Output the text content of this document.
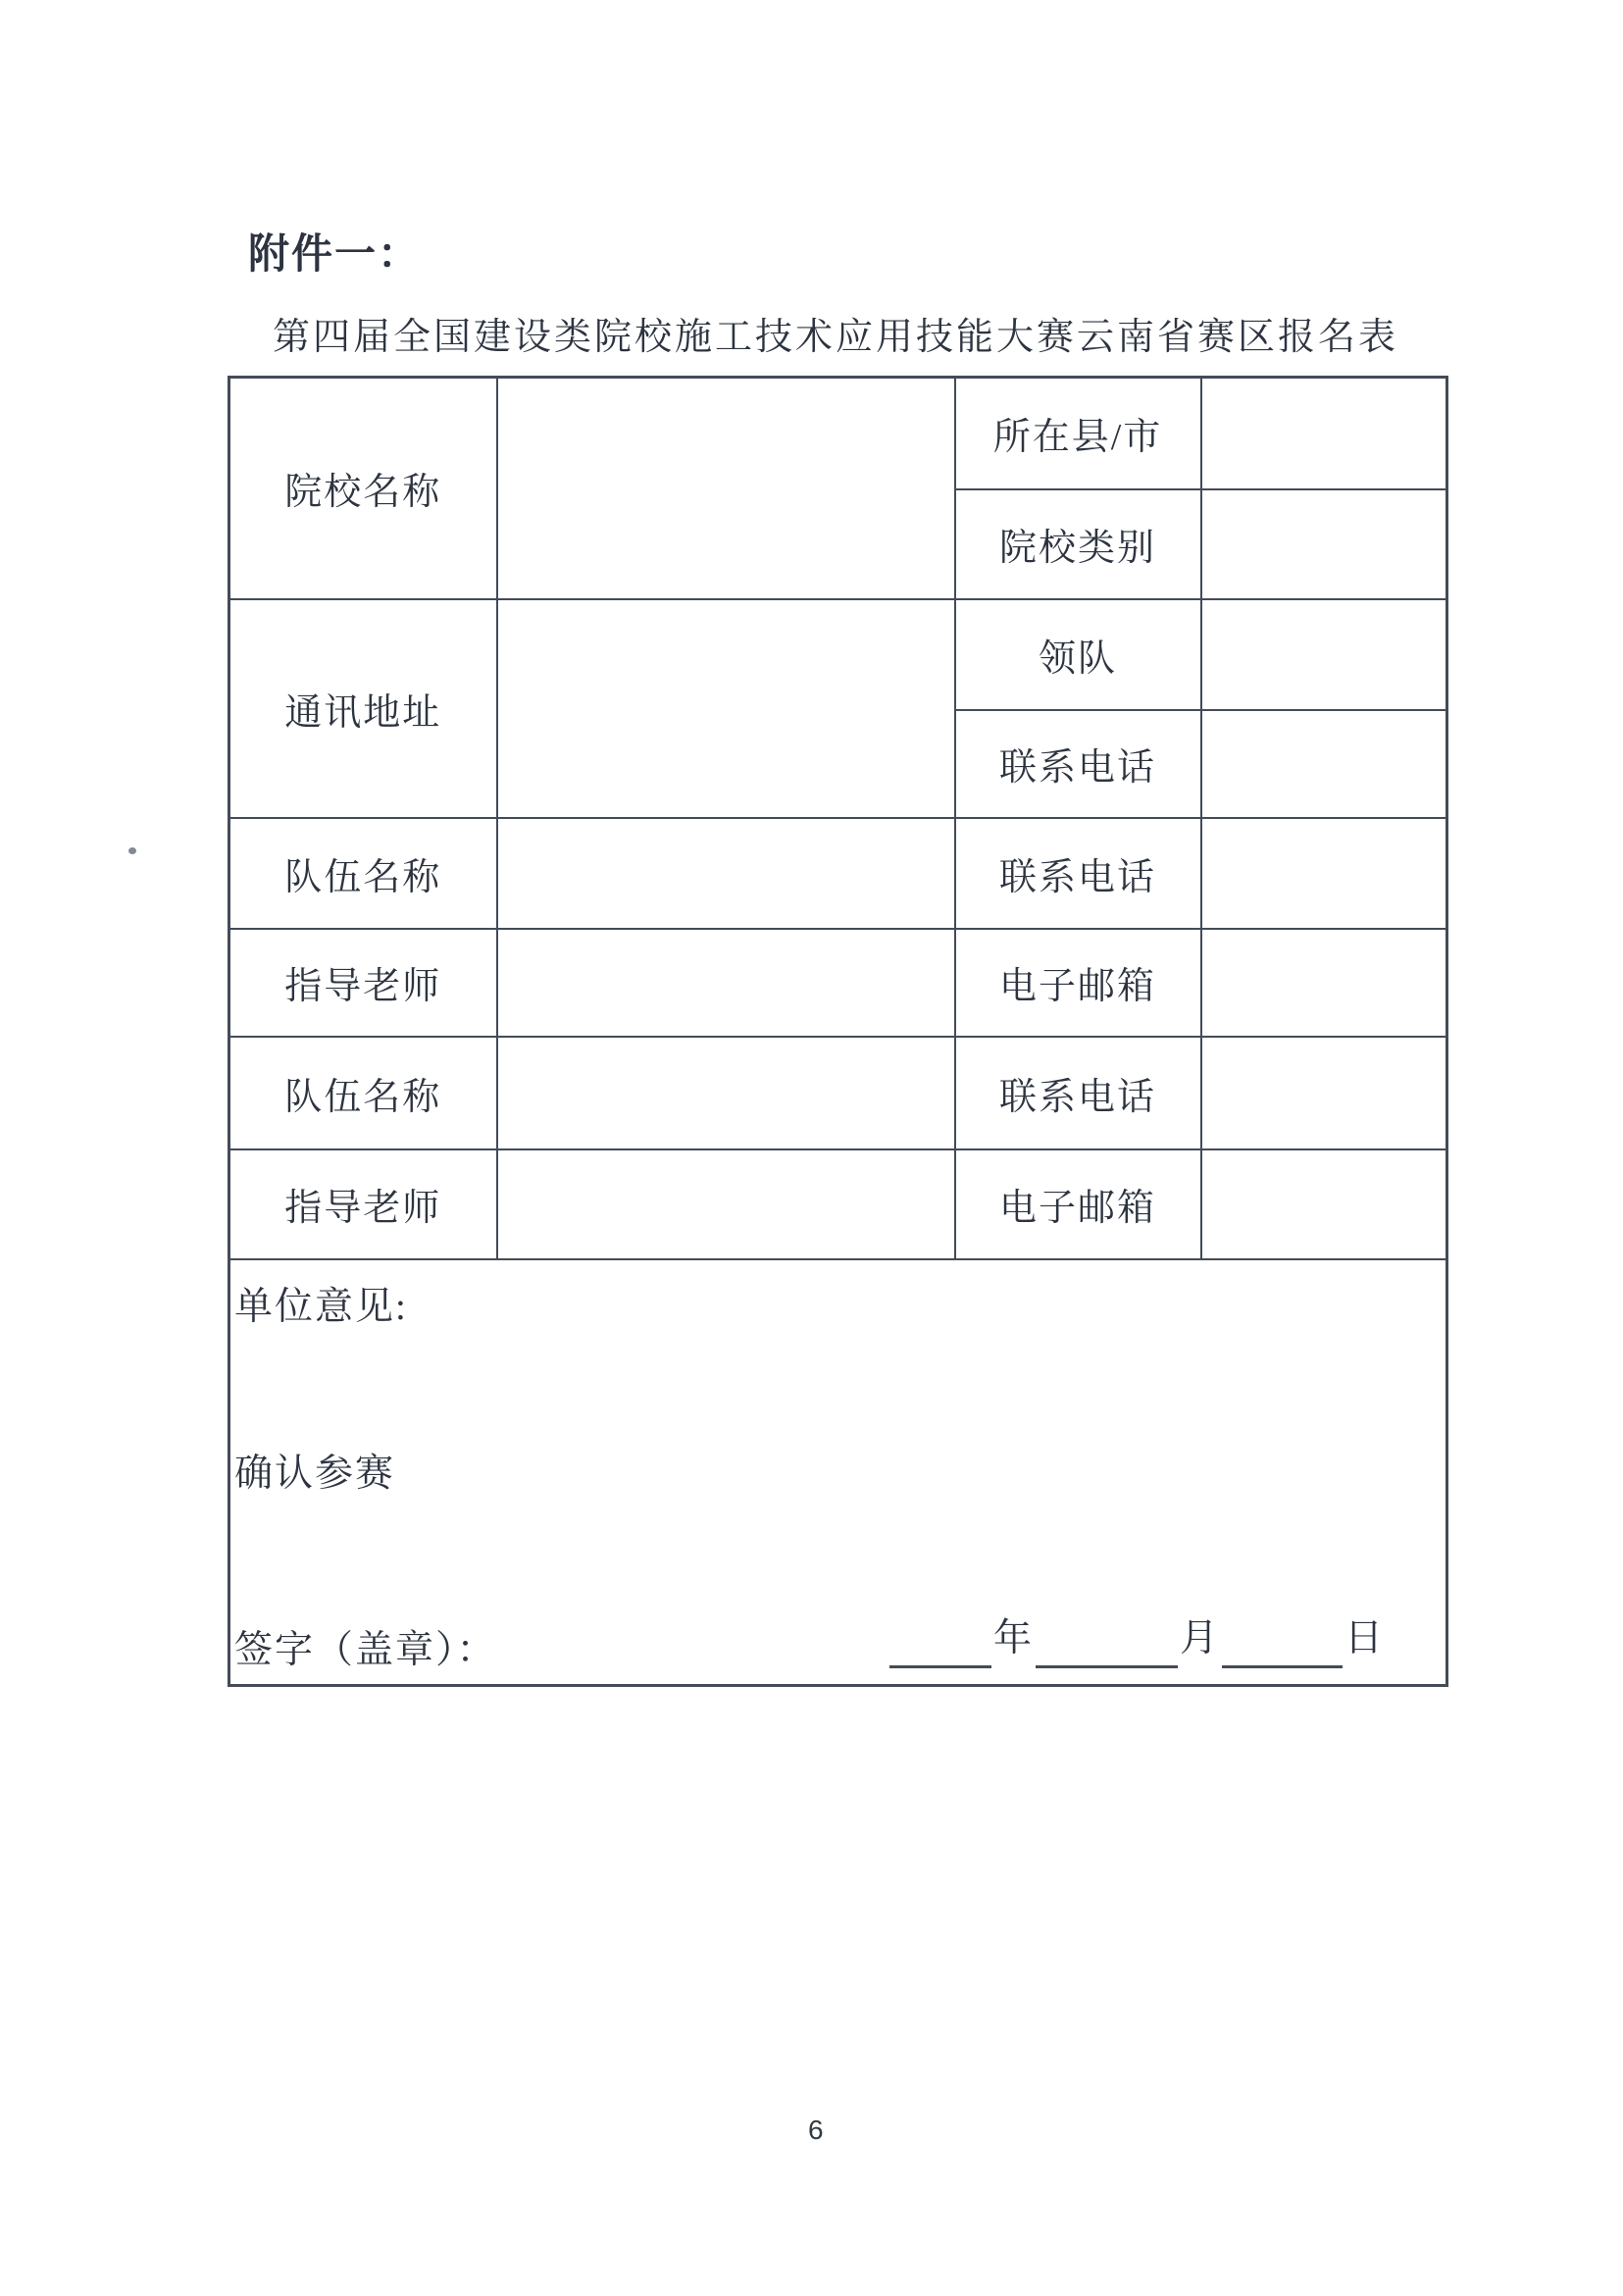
附件一：
第四届全国建设类院校施工技术应用技能大赛云南省赛区报名表
院校名称		所在县/市	
		院校类别	
通讯地址		领队	
		联系电话	
队伍名称		联系电话	
指导老师		电子邮箱	
队伍名称		联系电话	
指导老师		电子邮箱	

单位意见:
确认参赛
签字（盖章）：	年	月	日
6
